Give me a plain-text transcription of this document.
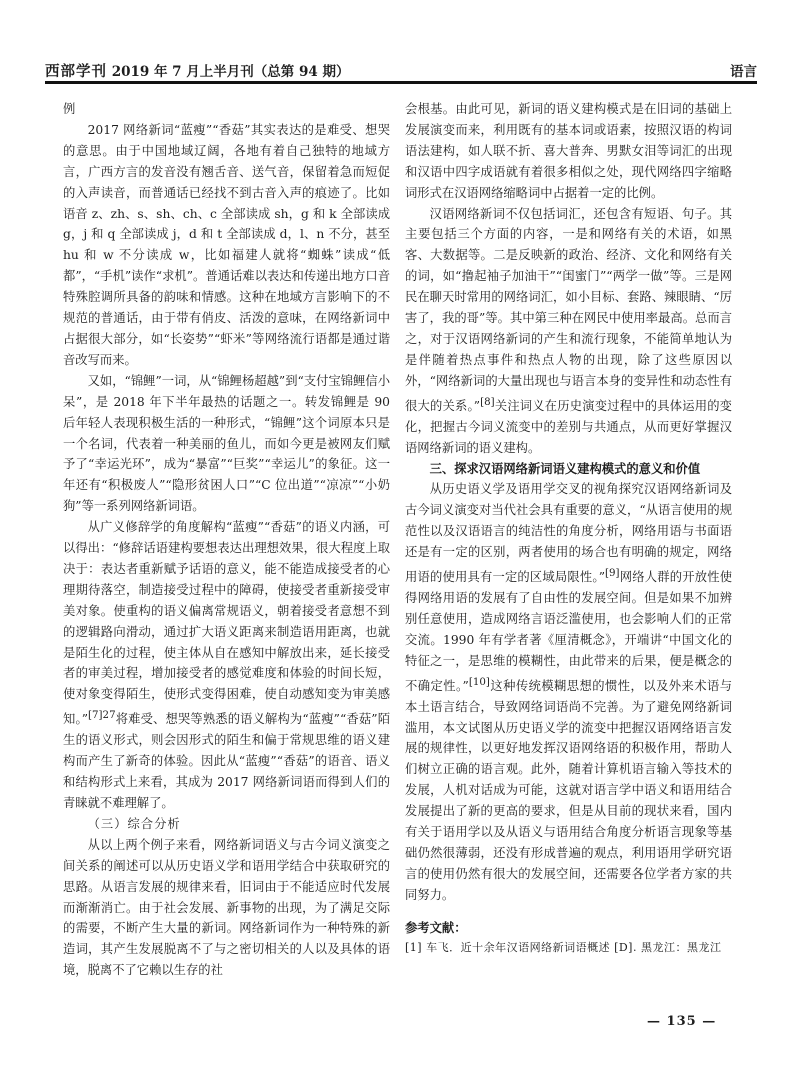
西部学刊 2019 年 7 月上半月刊（总第 94 期）	语言

例

2017 网络新词“蓝瘦”“香菇”其实表达的是难受、想哭的意思。由于中国地域辽阔，各地有着自己独特的地域方言，广西方言的发音没有翘舌音、送气音，保留着急而短促的入声读音，而普通话已经找不到古音入声的痕迹了。比如语音 z、zh、s、sh、ch、c 全部读成 sh，g 和 k 全部读成 g，j 和 q 全部读成 j，d 和 t 全部读成 d，l、n 不分，甚至 hu 和 w 不分读成 w，比如福建人就将“蜘蛛”读成“低都”，“手机”读作“求机”。普通话难以表达和传递出地方口音特殊腔调所具备的韵味和情感。这种在地域方言影响下的不规范的普通话，由于带有俏皮、活泼的意味，在网络新词中占据很大部分，如“长姿势”“虾米”等网络流行语都是通过谐音改写而来。

又如，“锦鲤”一词，从“锦鲤杨超越”到“支付宝锦鲤信小呆”，是 2018 年下半年最热的话题之一。转发锦鲤是 90 后年轻人表现积极生活的一种形式，“锦鲤”这个词原本只是一个名词，代表着一种美丽的鱼儿，而如今更是被网友们赋予了“幸运光环”，成为“暴富”“巨奖”“幸运儿”的象征。这一年还有“积极废人”“隐形贫困人口”“C 位出道”“凉凉”“小奶狗”等一系列网络新词语。

从广义修辞学的角度解构“蓝瘦”“香菇”的语义内涵，可以得出：“修辞话语建构要想表达出理想效果，很大程度上取决于：表达者重新赋予话语的意义，能不能造成接受者的心理期待落空，制造接受过程中的障碍，使接受者重新接受审美对象。使重构的语义偏离常规语义，朝着接受者意想不到的逻辑路向滑动，通过扩大语义距离来制造语用距离，也就是陌生化的过程，使主体从自在感知中解放出来，延长接受者的审美过程，增加接受者的感觉难度和体验的时间长短，使对象变得陌生，使形式变得困难，使自动感知变为审美感知。”$^{[7]27}$将难受、想哭等熟悉的语义解构为“蓝瘦”“香菇”陌生的语义形式，则会因形式的陌生和偏于常规思维的语义建构而产生了新奇的体验。因此从“蓝瘦”“香菇”的语音、语义和结构形式上来看，其成为 2017 网络新词语而得到人们的青睐就不难理解了。

（三）综合分析

从以上两个例子来看，网络新词语义与古今词义演变之间关系的阐述可以从历史语义学和语用学结合中获取研究的思路。从语言发展的规律来看，旧词由于不能适应时代发展而渐渐消亡。由于社会发展、新事物的出现，为了满足交际的需要，不断产生大量的新词。网络新词作为一种特殊的新造词，其产生发展脱离不了与之密切相关的人以及具体的语境，脱离不了它赖以生存的社

会根基。由此可见，新词的语义建构模式是在旧词的基础上发展演变而来，利用既有的基本词或语素，按照汉语的构词语法建构，如人联不折、喜大普奔、男默女泪等词汇的出现和汉语中四字成语就有着很多相似之处，现代网络四字缩略词形式在汉语网络缩略词中占据着一定的比例。

汉语网络新词不仅包括词汇，还包含有短语、句子。其主要包括三个方面的内容，一是和网络有关的术语，如黑客、大数据等。二是反映新的政治、经济、文化和网络有关的词，如“撸起袖子加油干”“闺蜜门”“两学一做”等。三是网民在聊天时常用的网络词汇，如小目标、套路、辣眼睛、“厉害了，我的哥”等。其中第三种在网民中使用率最高。总而言之，对于汉语网络新词的产生和流行现象，不能简单地认为是伴随着热点事件和热点人物的出现，除了这些原因以外，“网络新词的大量出现也与语言本身的变异性和动态性有很大的关系。”[8]关注词义在历史演变过程中的具体运用的变化，把握古今词义流变中的差别与共通点，从而更好掌握汉语网络新词的语义建构。

三、探求汉语网络新词语义建构模式的意义和价值

从历史语义学及语用学交叉的视角探究汉语网络新词及古今词义演变对当代社会具有重要的意义，“从语言使用的规范性以及汉语语言的纯洁性的角度分析，网络用语与书面语还是有一定的区别，两者使用的场合也有明确的规定，网络用语的使用具有一定的区域局限性。”[9]网络人群的开放性使得网络用语的发展有了自由性的发展空间。但是如果不加辨别任意使用，造成网络言语泛滥使用，也会影响人们的正常交流。1990 年有学者著《厘清概念》，开端讲“中国文化的特征之一，是思维的模糊性，由此带来的后果，便是概念的不确定性。”[10]这种传统模糊思想的惯性，以及外来术语与本土语言结合，导致网络词语尚不完善。为了避免网络新词滥用，本文试图从历史语义学的流变中把握汉语网络语言发展的规律性，以更好地发挥汉语网络语的积极作用，帮助人们树立正确的语言观。此外，随着计算机语言输入等技术的发展，人机对话成为可能，这就对语言学中语义和语用结合发展提出了新的更高的要求，但是从目前的现状来看，国内有关于语用学以及从语义与语用结合角度分析语言现象等基础仍然很薄弱，还没有形成普遍的观点，利用语用学研究语言的使用仍然有很大的发展空间，还需要各位学者方家的共同努力。

参考文献：

[1] 车飞．近十余年汉语网络新词语概述 [D]. 黑龙江：黑龙江

— 135 —
